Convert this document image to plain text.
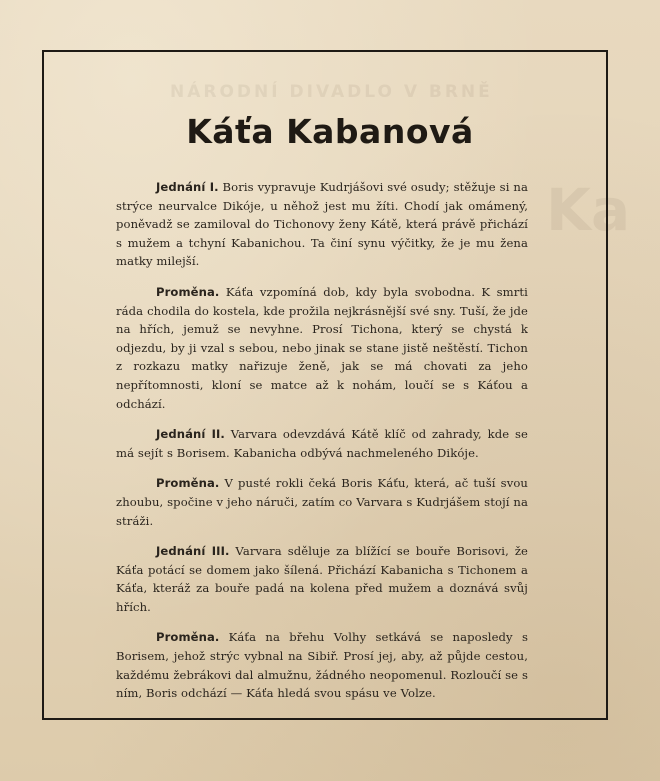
NÁRODNÍ DIVADLO V BRNĚ
Ka
Káťa Kabanová

Jednání I. Boris vypravuje Kudrjášovi své osudy; stěžuje si na strýce neurvalce Dikóje, u něhož jest mu žíti. Chodí jak omámený, poněvadž se zamiloval do Tichonovy ženy Kátě, která právě přichází s mužem a tchyní Kabanichou. Ta činí synu výčitky, že je mu žena matky milejší.

Proměna. Káťa vzpomíná dob, kdy byla svobodna. K smrti ráda chodila do kostela, kde prožila nejkrásnější své sny. Tuší, že jde na hřích, jemuž se nevyhne. Prosí Tichona, který se chystá k odjezdu, by ji vzal s sebou, nebo jinak se stane jistě neštěstí. Tichon z rozkazu matky nařizuje ženě, jak se má chovati za jeho nepřítomnosti, kloní se matce až k nohám, loučí se s Káťou a odchází.

Jednání II. Varvara odevzdává Kátě klíč od zahrady, kde se má sejít s Borisem. Kabanicha odbývá nachmeleného Dikóje.

Proměna. V pusté rokli čeká Boris Káťu, která, ač tuší svou zhoubu, spočine v jeho náruči, zatím co Varvara s Kudrjášem stojí na stráži.

Jednání III. Varvara sděluje za blížící se bouře Borisovi, že Káťa potácí se domem jako šílená. Přichází Kabanicha s Tichonem a Káťa, kteráž za bouře padá na kolena před mužem a doznává svůj hřích.

Proměna. Káťa na břehu Volhy setkává se naposledy s Borisem, jehož strýc vybnal na Sibiř. Prosí jej, aby, až půjde cestou, každému žebrákovi dal almužnu, žádného neopomenul. Rozloučí se s ním, Boris odchází — Káťa hledá svou spásu ve Volze.
